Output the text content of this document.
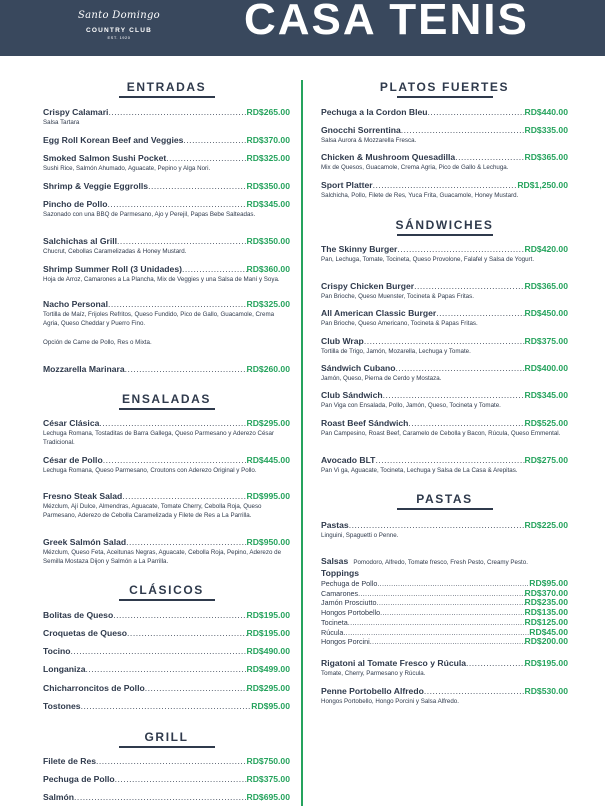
Santo Domingo
COUNTRY CLUB
EST. 1920	CASA TENIS
ENTRADAS
Crispy Calamari .....	RD$265.00
Salsa Tartara
Egg Roll Korean Beef and Veggies .....	RD$370.00
Smoked Salmon Sushi Pocket .....	RD$325.00
Sushi Rice, Salmón Ahumado, Aguacate, Pepino y Alga Nori.
Shrimp & Veggie Eggrolls .....	RD$350.00
Pincho de Pollo .....	RD$345.00
Sazonado con una BBQ de Parmesano, Ajo y Perejil, Papas Bebe Salteadas.
Salchichas al Grill .....	RD$350.00
Chucrut, Cebollas Caramelizadas & Honey Mustard.
Shrimp Summer Roll (3 Unidades) .....	RD$360.00
Hoja de Arroz, Camarones a La Plancha, Mix de Veggies y una Salsa de Maní y Soya.
Nacho Personal .....	RD$325.00
Tortilla de Maíz, Frijoles Refritos, Queso Fundido, Pico de Gallo, Guacamole, Crema Agria, Queso Cheddar y Puerro Fino.
Opción de Carne de Pollo, Res o Mixta.
Mozzarella Marinara .....	RD$260.00
ENSALADAS
César Clásica .....	RD$295.00
Lechuga Romana, Tostaditas de Barra Gallega, Queso Parmesano y Aderezo César Tradicional.
César de Pollo .....	RD$445.00
Lechuga Romana, Queso Parmesano, Croutons con Aderezo Original y Pollo.
Fresno Steak Salad .....	RD$995.00
Mézclum, Ají Dulce, Almendras, Aguacate, Tomate Cherry, Cebolla Roja, Queso Parmesano, Aderezo de Cebolla Caramelizada y Filete de Res a La Parrilla.
Greek Salmón Salad .....	RD$950.00
Mézclum, Queso Feta, Aceitunas Negras, Aguacate, Cebolla Roja, Pepino, Aderezo de Semilla Mostaza Dijon y Salmón a La Parrilla.
CLÁSICOS
Bolitas de Queso .....	RD$195.00
Croquetas de Queso .....	RD$195.00
Tocino .....	RD$490.00
Longaniza .....	RD$499.00
Chicharroncitos de Pollo .....	RD$295.00
Tostones .....	RD$95.00
GRILL
Filete de Res .....	RD$750.00
Pechuga de Pollo .....	RD$375.00
Salmón .....	RD$695.00
PLATOS FUERTES
Pechuga a la Cordon Bleu .....	RD$440.00
Gnocchi Sorrentina .....	RD$335.00
Salsa Aurora & Mozzarella Fresca.
Chicken & Mushroom Quesadilla .....	RD$365.00
Mix de Quesos, Guacamole, Crema Agria, Pico de Gallo & Lechuga.
Sport Platter .....	RD$1,250.00
Salchicha, Pollo, Filete de Res, Yuca Frita, Guacamole, Honey Mustard.
SÁNDWICHES
The Skinny Burger .....	RD$420.00
Pan, Lechuga, Tomate, Tocineta, Queso Provolone, Falafel y Salsa de Yogurt.
Crispy Chicken Burger .....	RD$365.00
Pan Brioche, Queso Muenster, Tocineta & Papas Fritas.
All American Classic Burger .....	RD$450.00
Pan Brioche, Queso Americano, Tocineta & Papas Fritas.
Club Wrap .....	RD$375.00
Tortilla de Trigo, Jamón, Mozarella, Lechuga y Tomate.
Sándwich Cubano .....	RD$400.00
Jamón, Queso, Pierna de Cerdo y Mostaza.
Club Sándwich .....	RD$345.00
Pan Viga con Ensalada, Pollo, Jamón, Queso, Tocineta y Tomate.
Roast Beef Sándwich .....	RD$525.00
Pan Campesino, Roast Beef, Caramelo de Cebolla y Bacon, Rúcula, Queso Emmental.
Avocado BLT .....	RD$275.00
Pan Vi ga, Aguacate, Tocineta, Lechuga y Salsa de La Casa & Arepitas.
PASTAS
Pastas .....	RD$225.00
Linguini, Spaguetti o Penne.
Salsas Pomodoro, Alfredo, Tomate fresco, Fresh Pesto, Creamy Pesto.
Toppings
Pechuga de Pollo .....	RD$95.00
Camarones .....	RD$370.00
Jamón Prosciutto .....	RD$235.00
Hongos Portobello .....	RD$135.00
Tocineta .....	RD$125.00
Rúcula .....	RD$45.00
Hongos Porcini .....	RD$200.00
Rigatoni al Tomate Fresco y Rúcula .....	RD$195.00
Tomate, Cherry, Parmesano y Rúcula.
Penne Portobello Alfredo .....	RD$530.00
Hongos Portobello, Hongo Porcini y Salsa Alfredo.
